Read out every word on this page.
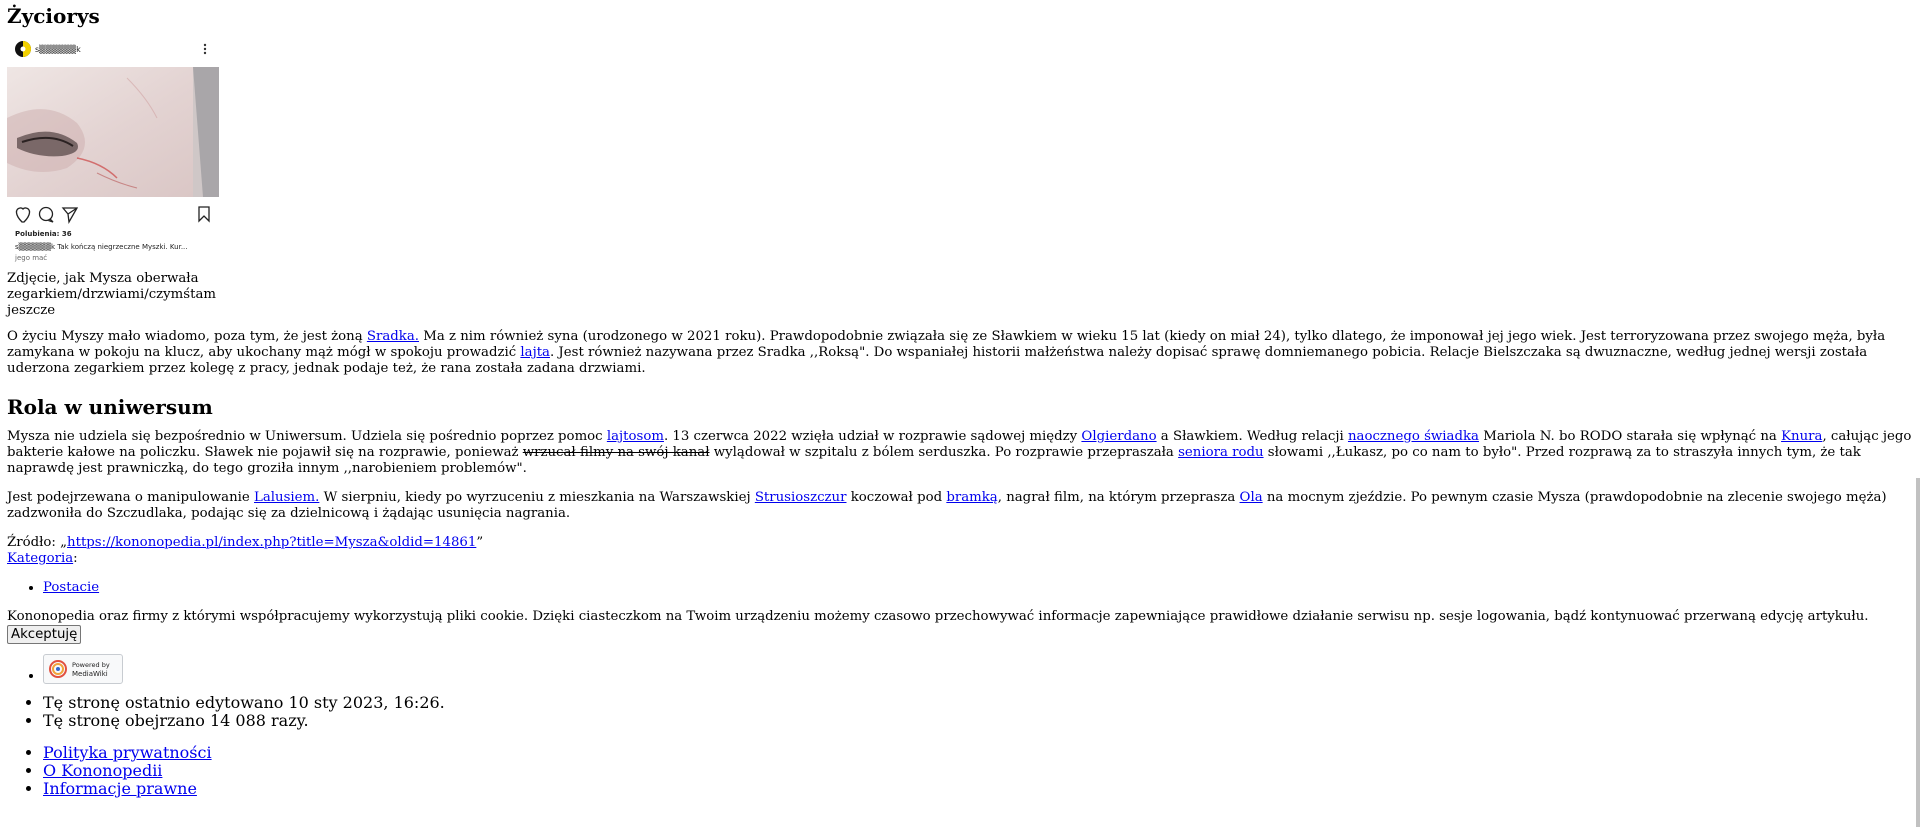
Życiorys
s▒▒▒▒▒▒k
Polubienia: 36
s▒▒▒▒▒▒k Tak kończą niegrzeczne Myszki. Kur...
jego mać
Zdjęcie, jak Mysza oberwała zegarkiem/drzwiami/czymśtam jeszcze

O życiu Myszy mało wiadomo, poza tym, że jest żoną Sradka. Ma z nim również syna (urodzonego w 2021 roku). Prawdopodobnie związała się ze Sławkiem w wieku 15 lat (kiedy on miał 24), tylko dlatego, że imponował jej jego wiek. Jest terroryzowana przez swojego męża, była zamykana w pokoju na klucz, aby ukochany mąż mógł w spokoju prowadzić lajta. Jest również nazywana przez Sradka ,,Roksą". Do wspaniałej historii małżeństwa należy dopisać sprawę domniemanego pobicia. Relacje Bielszczaka są dwuznaczne, według jednej wersji została uderzona zegarkiem przez kolegę z pracy, jednak podaje też, że rana została zadana drzwiami.

Rola w uniwersum

Mysza nie udziela się bezpośrednio w Uniwersum. Udziela się pośrednio poprzez pomoc lajtosom. 13 czerwca 2022 wzięła udział w rozprawie sądowej między Olgierdano a Sławkiem. Według relacji naocznego świadka Mariola N. bo RODO starała się wpłynąć na Knura, całując jego bakterie kałowe na policzku. Sławek nie pojawił się na rozprawie, ponieważ wrzucał filmy na swój kanał wylądował w szpitalu z bólem serduszka. Po rozprawie przepraszała seniora rodu słowami ,,Łukasz, po co nam to było". Przed rozprawą za to straszyła innych tym, że tak naprawdę jest prawniczką, do tego groziła innym ,,narobieniem problemów".

Jest podejrzewana o manipulowanie Lalusiem. W sierpniu, kiedy po wyrzuceniu z mieszkania na Warszawskiej Strusioszczur koczował pod bramką, nagrał film, na którym przeprasza Ola na mocnym zjeździe. Po pewnym czasie Mysza (prawdopodobnie na zlecenie swojego męża) zadzwoniła do Szczudlaka, podając się za dzielnicową i żądając usunięcia nagrania.

Źródło: „https://kononopedia.pl/index.php?title=Mysza&oldid=14861”
Kategoria:
• Postacie
Kononopedia oraz firmy z którymi współpracujemy wykorzystują pliki cookie. Dzięki ciasteczkom na Twoim urządzeniu możemy czasowo przechowywać informacje zapewniające prawidłowe działanie serwisu np. sesje logowania, bądź kontynuować przerwaną edycję artykułu.
Akceptuję
• Powered by
MediaWiki
• Tę stronę ostatnio edytowano 10 sty 2023, 16:26.
• Tę stronę obejrzano 14 088 razy.
• Polityka prywatności
• O Kononopedii
• Informacje prawne
